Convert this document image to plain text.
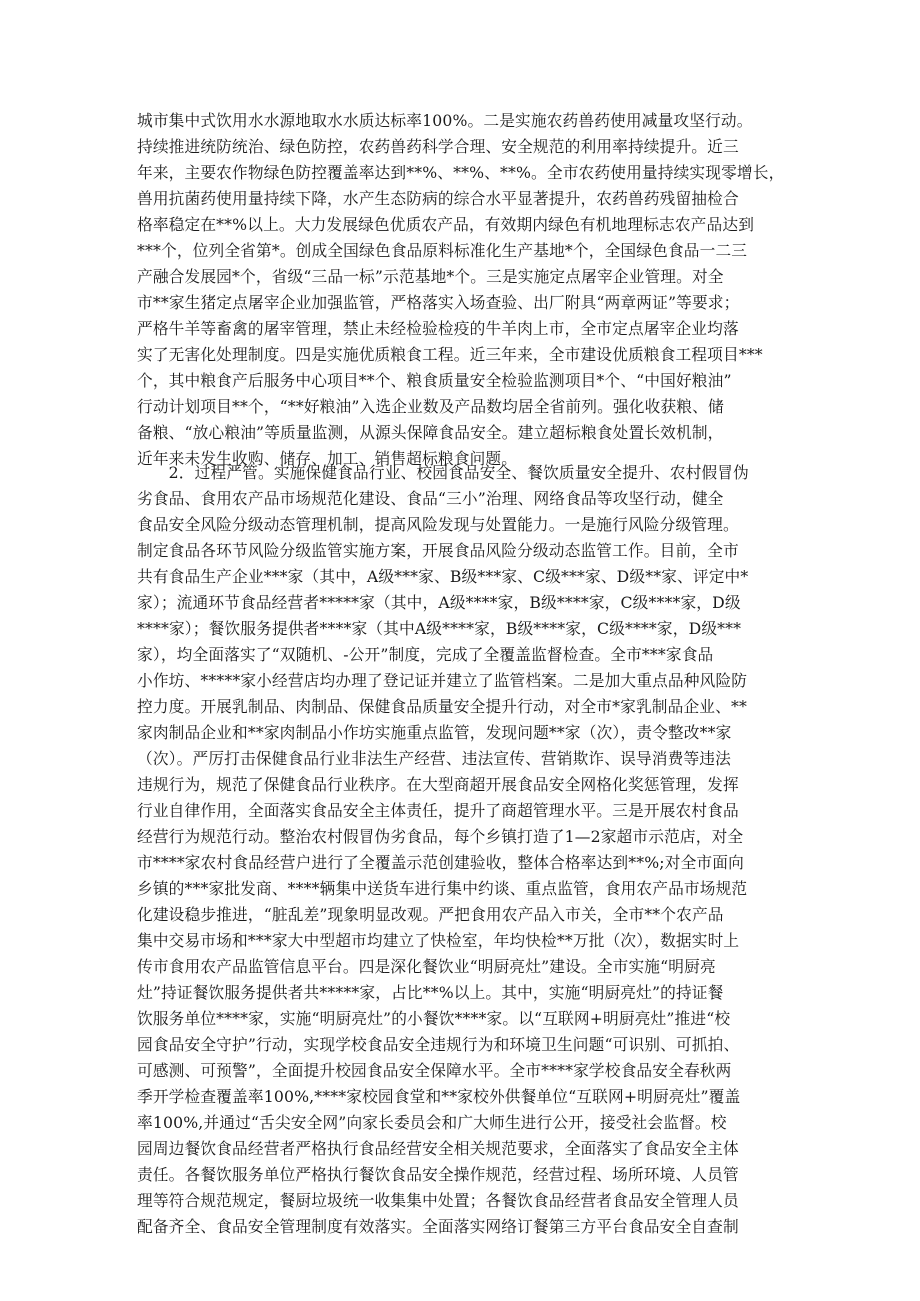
城市集中式饮用水水源地取水水质达标率100%。二是实施农药兽药使用减量攻坚行动。
持续推进统防统治、绿色防控，农药兽药科学合理、安全规范的利用率持续提升。近三
年来，主要农作物绿色防控覆盖率达到**%、**%、**%。全市农药使用量持续实现零增长，
兽用抗菌药使用量持续下降，水产生态防病的综合水平显著提升，农药兽药残留抽检合
格率稳定在**%以上。大力发展绿色优质农产品，有效期内绿色有机地理标志农产品达到
***个，位列全省第*。创成全国绿色食品原料标准化生产基地*个，全国绿色食品一二三
产融合发展园*个，省级“三品一标”示范基地*个。三是实施定点屠宰企业管理。对全
市**家生猪定点屠宰企业加强监管，严格落实入场查验、出厂附具“两章两证”等要求；
严格牛羊等畜禽的屠宰管理，禁止未经检验检疫的牛羊肉上市，全市定点屠宰企业均落
实了无害化处理制度。四是实施优质粮食工程。近三年来，全市建设优质粮食工程项目***
个，其中粮食产后服务中心项目**个、粮食质量安全检验监测项目*个、“中国好粮油”
行动计划项目**个，“**好粮油”入选企业数及产品数均居全省前列。强化收获粮、储
备粮、“放心粮油”等质量监测，从源头保障食品安全。建立超标粮食处置长效机制，
近年来未发生收购、储存、加工、销售超标粮食问题。
　　2．过程严管。实施保健食品行业、校园食品安全、餐饮质量安全提升、农村假冒伪
劣食品、食用农产品市场规范化建设、食品“三小”治理、网络食品等攻坚行动，健全
食品安全风险分级动态管理机制，提高风险发现与处置能力。一是施行风险分级管理。
制定食品各环节风险分级监管实施方案，开展食品风险分级动态监管工作。目前，全市
共有食品生产企业***家（其中，A级***家、B级***家、C级***家、D级**家、评定中*
家）；流通环节食品经营者*****家（其中，A级****家，B级****家，C级****家，D级
****家）；餐饮服务提供者****家（其中A级****家，B级****家，C级****家，D级***
家），均全面落实了“双随机、-公开”制度，完成了全覆盖监督检查。全市***家食品
小作坊、*****家小经营店均办理了登记证并建立了监管档案。二是加大重点品种风险防
控力度。开展乳制品、肉制品、保健食品质量安全提升行动，对全市*家乳制品企业、**
家肉制品企业和**家肉制品小作坊实施重点监管，发现问题**家（次），责令整改**家
（次）。严厉打击保健食品行业非法生产经营、违法宣传、营销欺诈、误导消费等违法
违规行为，规范了保健食品行业秩序。在大型商超开展食品安全网格化奖惩管理，发挥
行业自律作用，全面落实食品安全主体责任，提升了商超管理水平。三是开展农村食品
经营行为规范行动。整治农村假冒伪劣食品，每个乡镇打造了1—2家超市示范店，对全
市****家农村食品经营户进行了全覆盖示范创建验收，整体合格率达到**%;对全市面向
乡镇的***家批发商、****辆集中送货车进行集中约谈、重点监管，食用农产品市场规范
化建设稳步推进，“脏乱差”现象明显改观。严把食用农产品入市关，全市**个农产品
集中交易市场和***家大中型超市均建立了快检室，年均快检**万批（次），数据实时上
传市食用农产品监管信息平台。四是深化餐饮业“明厨亮灶”建设。全市实施“明厨亮
灶”持证餐饮服务提供者共*****家，占比**%以上。其中，实施“明厨亮灶”的持证餐
饮服务单位****家，实施“明厨亮灶”的小餐饮****家。以“互联网+明厨亮灶”推进“校
园食品安全守护”行动，实现学校食品安全违规行为和环境卫生问题“可识别、可抓拍、
可感测、可预警”，全面提升校园食品安全保障水平。全市****家学校食品安全春秋两
季开学检查覆盖率100%,****家校园食堂和**家校外供餐单位“互联网+明厨亮灶”覆盖
率100%,并通过“舌尖安全网”向家长委员会和广大师生进行公开，接受社会监督。校
园周边餐饮食品经营者严格执行食品经营安全相关规范要求，全面落实了食品安全主体
责任。各餐饮服务单位严格执行餐饮食品安全操作规范，经营过程、场所环境、人员管
理等符合规范规定，餐厨垃圾统一收集集中处置；各餐饮食品经营者食品安全管理人员
配备齐全、食品安全管理制度有效落实。全面落实网络订餐第三方平台食品安全自查制
